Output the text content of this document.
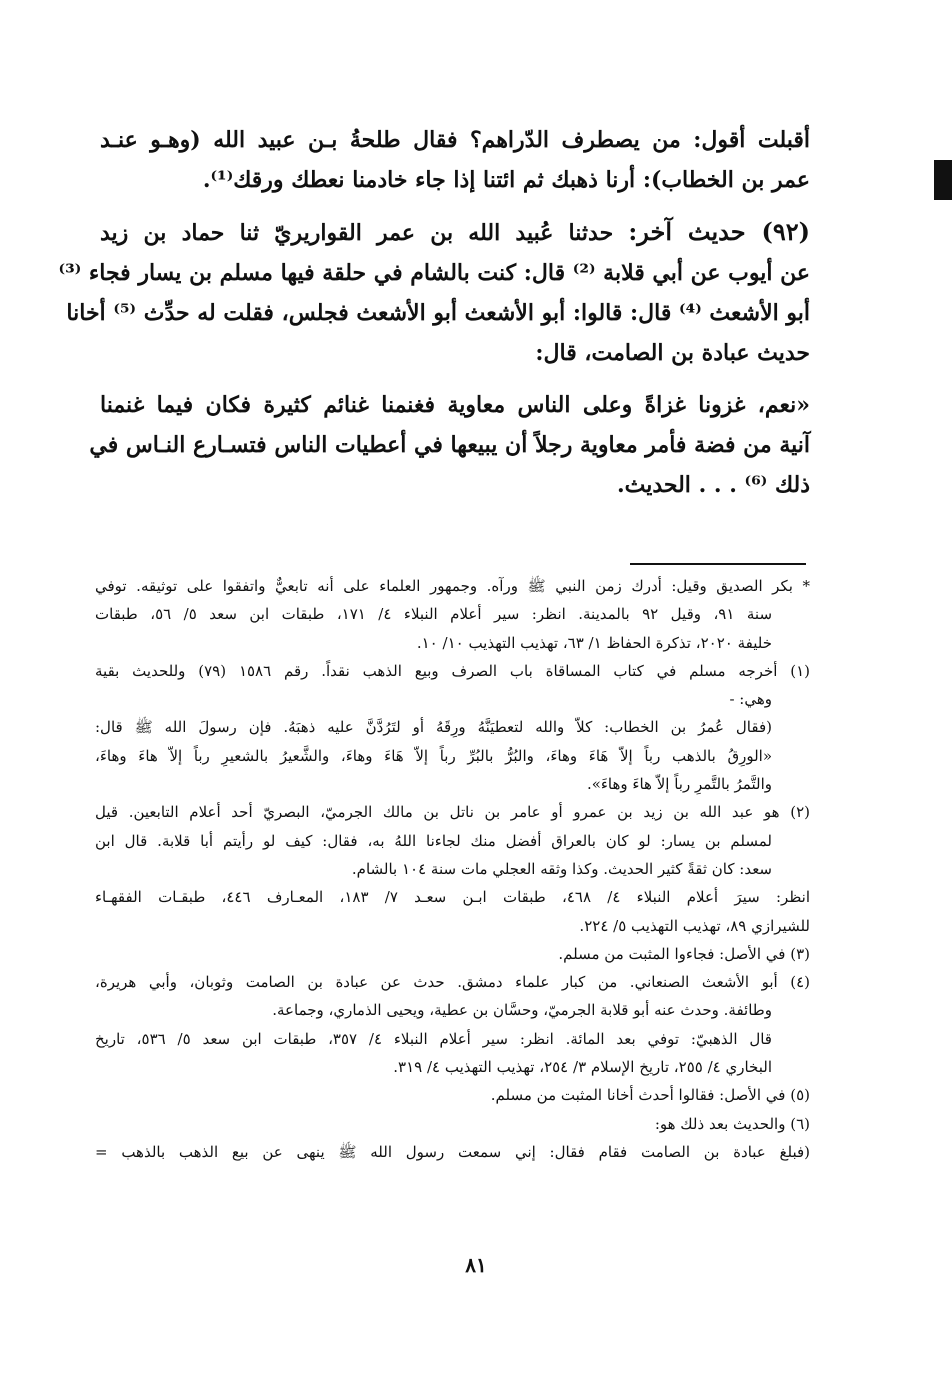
أقبلت أقول: من يصطرف الدّراهم؟ فقال طلحةُ بـن عبيد الله (وهـو عنـد
عمر بن الخطاب): أرنا ذهبك ثم ائتنا إذا جاء خادمنا نعطك ورقك⁽¹⁾.

(٩٢) حديث آخر: حدثنا عُبيد الله بن عمر القواريريّ ثنا حماد بن زيد
عن أيوب عن أبي قلابة ⁽²⁾ قال: كنت بالشام في حلقة فيها مسلم بن يسار فجاء ⁽³⁾
أبو الأشعث ⁽⁴⁾ قال: قالوا: أبو الأشعث أبو الأشعث فجلس، فقلت له حدِّث ⁽⁵⁾ أخانا
حديث عبادة بن الصامت، قال:

«نعم، غزونا غزاةً وعلى الناس معاوية فغنمنا غنائم كثيرة فكان فيما غنمنا
آنية من فضة فأمر معاوية رجلاً أن يبيعها في أعطيات الناس فتسـارع النـاس في
ذلك ⁽⁶⁾ . . . الحديث.

* بكر الصديق وقيل: أدرك زمن النبي ﷺ ورآه. وجمهور العلماء على أنه تابعيٌّ واتفقوا على توثيقه. توفي
سنة ٩١، وقيل ٩٢ بالمدينة. انظر: سير أعلام النبلاء ٤/ ١٧١، طبقات ابن سعد ٥/ ٥٦، طبقات
خليفة ٢٠٢٠، تذكرة الحفاظ ١/ ٦٣، تهذيب التهذيب ١٠/ ١٠.
(١) أخرجه مسلم في كتاب المساقاة باب الصرف وبيع الذهب نقداً. رقم ١٥٨٦ (٧٩) وللحديث بقية
وهي: -
(فقال عُمرُ بن الخطاب: كلاّ والله لتعطيَنَّهُ ورِقَهُ أو لتَرُدَّنَّ عليه ذهبَهُ. فإن رسولَ الله ﷺ قال:
«الورِقُ بالذهب رباً إلاّ هَاءَ وهاءَ، والبُرُّ بالبُرِّ رباً إلاّ هَاءَ وهاءَ، والشَّعيرُ بالشعيرِ رباً إلاّ هاءَ وهاءَ،
والتَّمرُ بالتَّمرِ رباً إلاّ هاءَ وهاءَ».
(٢) هو عبد الله بن زيد بن عمرو أو عامر بن ناتل بن مالك الجرميّ، البصريّ أحد أعلام التابعين. قيل
لمسلم بن يسار: لو كان بالعراق أفضل منك لجاءنا اللهُ به، فقال: كيف لو رأيتم أبا قلابة. قال ابن
سعد: كان ثقةً كثير الحديث. وكذا وثقه العجلي مات سنة ١٠٤ بالشام.
انظر: سيرَ أعلام النبلاء ٤/ ٤٦٨، طبقات ابـن سعـد ٧/ ١٨٣، المعـارف ٤٤٦، طبقـات الفقهـاء
للشيرازي ٨٩، تهذيب التهذيب ٥/ ٢٢٤.
(٣) في الأصل: فجاءوا المثبت من مسلم.
(٤) أبو الأشعث الصنعاني. من كبار علماء دمشق. حدث عن عبادة بن الصامت وثوبان، وأبي هريرة،
وطائفة. وحدث عنه أبو قلابة الجرميّ، وحسَّان بن عطية، ويحيى الذماري، وجماعة.
قال الذهبيّ: توفي بعد المائة. انظر: سير أعلام النبلاء ٤/ ٣٥٧، طبقات ابن سعد ٥/ ٥٣٦، تاريخ
البخاري ٤/ ٢٥٥، تاريخ الإسلام ٣/ ٢٥٤، تهذيب التهذيب ٤/ ٣١٩.
(٥) في الأصل: فقالوا أحدث أخانا المثبت من مسلم.
(٦) والحديث بعد ذلك هو:
(فبلغ عبادة بن الصامت فقام فقال: إني سمعت رسول الله ﷺ ينهى عن بيع الذهب بالذهب =
٨١
